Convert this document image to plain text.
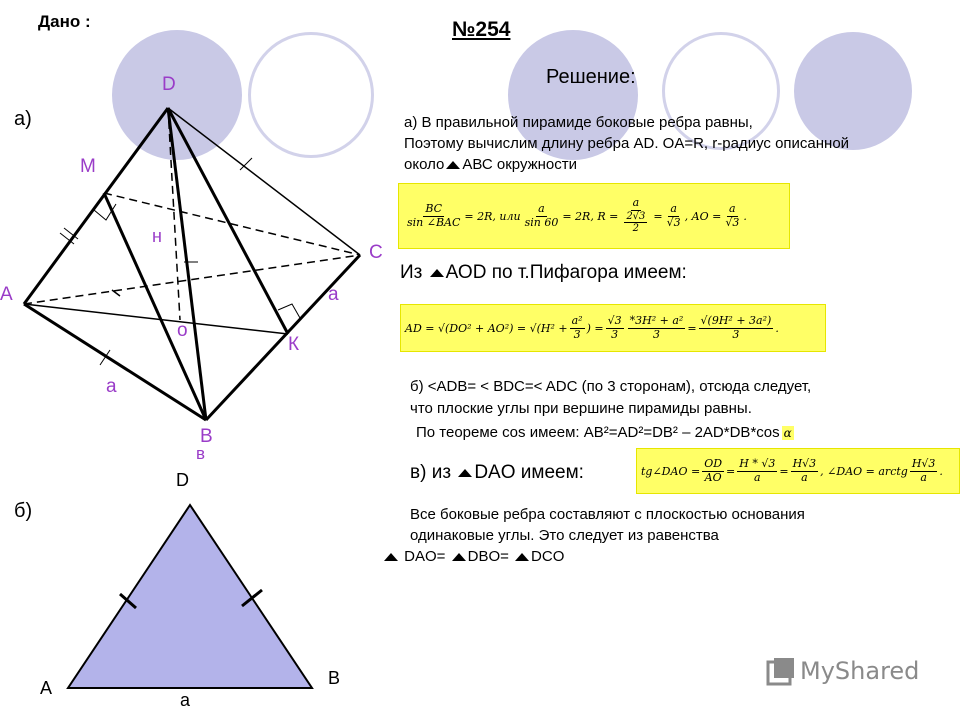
Дано :	№254
а)
D
M
н
С
А	а
о
К
а
В
в
D
б)
А	В
а
Решение:
а) В правильной пирамиде боковые ребра равны,
Поэтому вычислим длину ребра AD. OA=R, r-радиус описанной
около АВС окружности
$\frac{BC}{\text{sin ∠BAC}} = 2R$, или $\frac{a}{\sin 60} = 2R$, $R = \frac{a}{\frac{2√3}{2}} = \frac{a}{√3}$ , AO = $\frac{a}{√3}$ .
Из АОD по т.Пифагора имеем:
AD = $√(DO^2 + AO^2) = √(H^2 + \frac{\text{a²}}{3}$ ) = $\frac{√3}{3} \frac{\text{*3H² + a²}}{3} = \frac{\text{√(9H² + 3a²)}}{3}$ .
б) <ADB= < BDC=< ADC (по 3 сторонам), отсюда следует,
что плоские углы при вершине пирамиды равны.
По теореме cos имеем: AB²=AD²=DB² – 2AD*DB*cos α
в) из DAO имеем:	tg∠DAO = $\frac{OD}{AO} = \frac{H * √3}{a} = \frac{H√3}{a}$ , ∠DAO = arctg $\frac{H√3}{a}$ .
Все боковые ребра составляют с плоскостью основания
одинаковые углы. Это следует из равенства
DAO= DBO= DCO
MyShared
